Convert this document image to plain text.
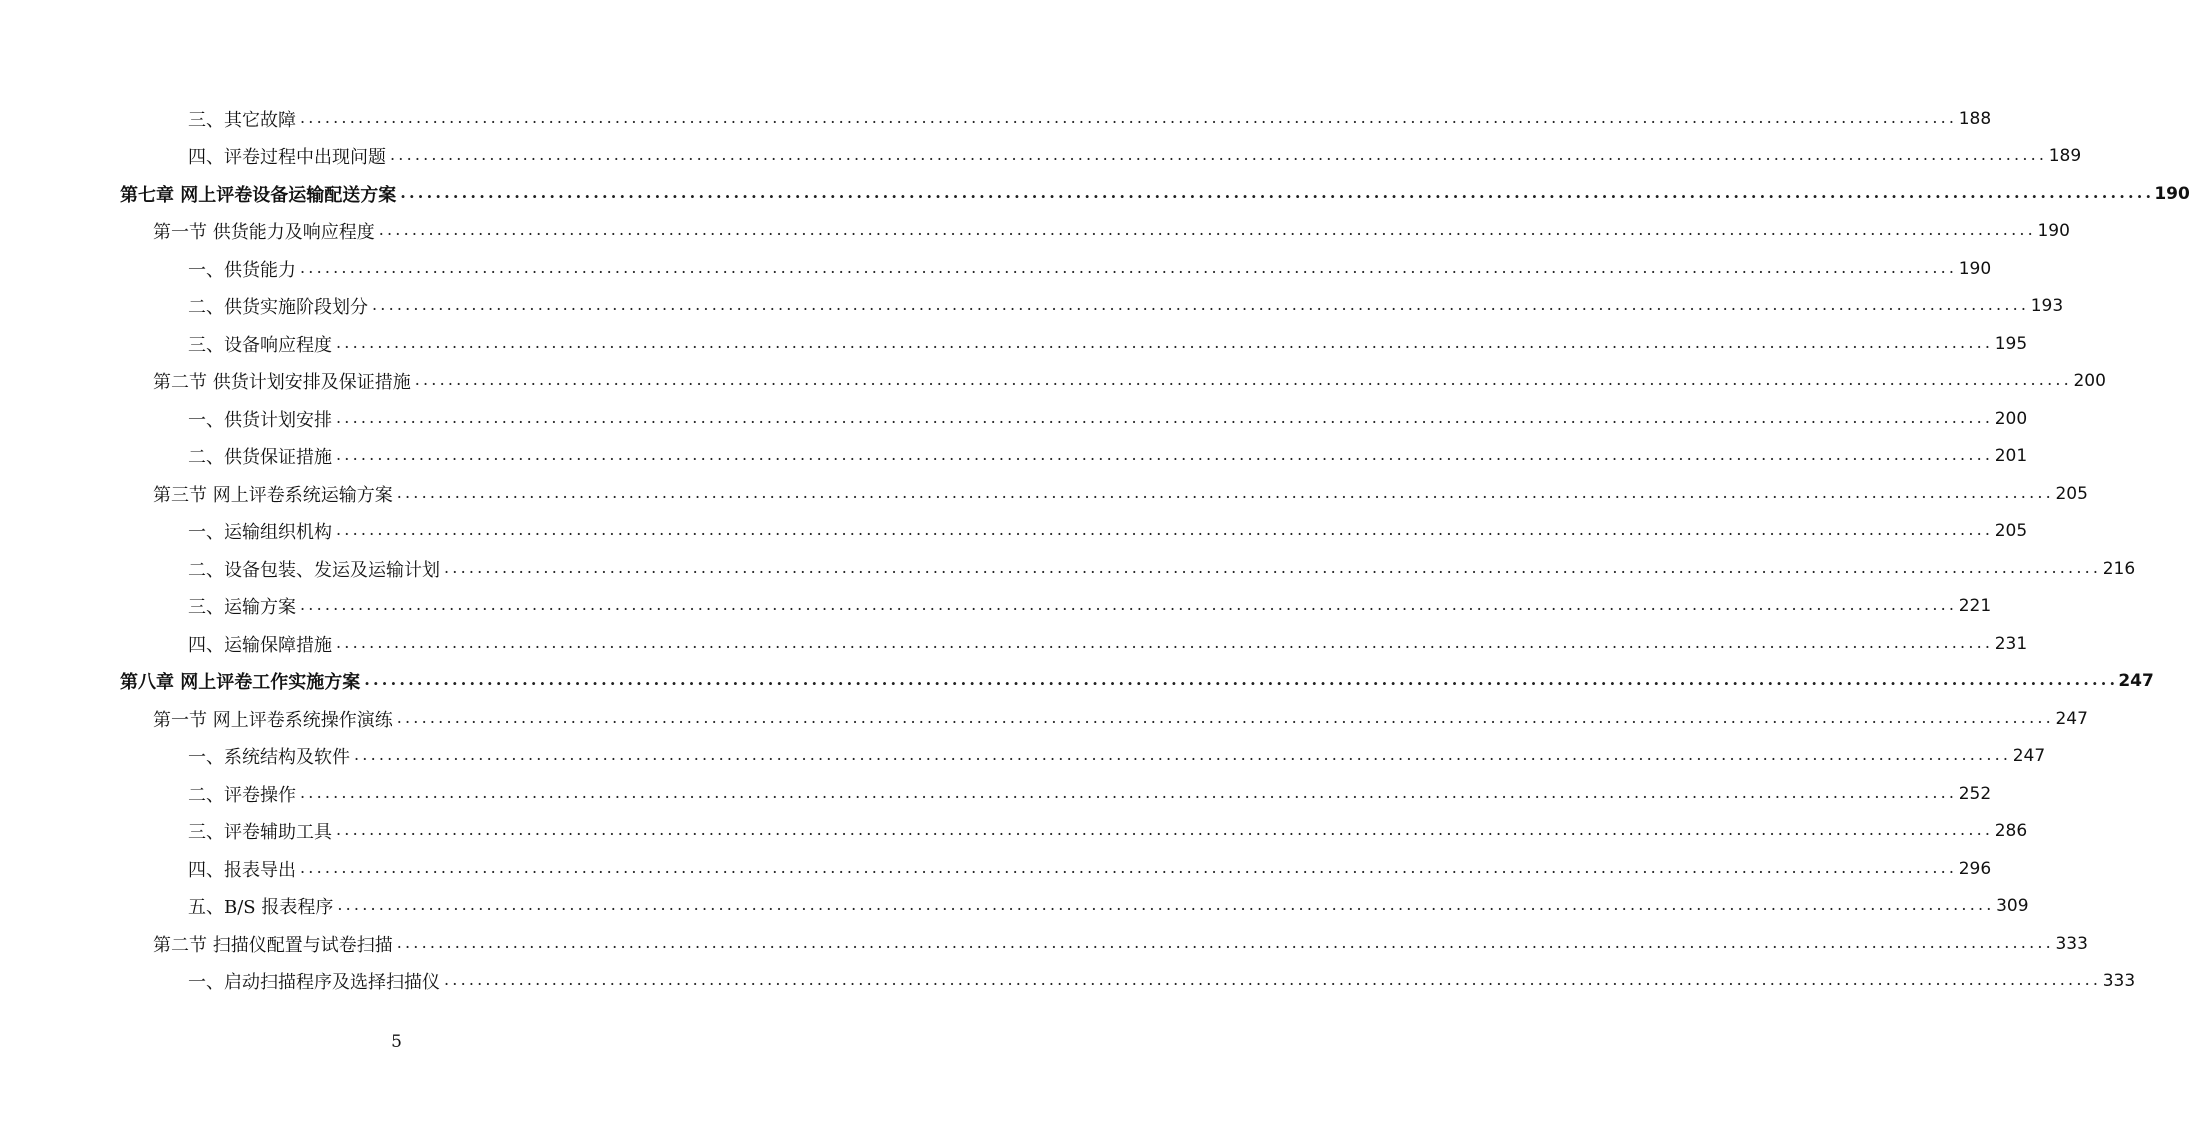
三、其它故障 ........................................................................................................................................................................................................ 188
四、评卷过程中出现问题 ........................................................................................................................................................................................................ 189
第七章 网上评卷设备运输配送方案 ........................................................................................................................................................................................................ 190
第一节 供货能力及响应程度 ........................................................................................................................................................................................................ 190
一、供货能力 ........................................................................................................................................................................................................ 190
二、供货实施阶段划分 ........................................................................................................................................................................................................ 193
三、设备响应程度 ........................................................................................................................................................................................................ 195
第二节 供货计划安排及保证措施 ........................................................................................................................................................................................................ 200
一、供货计划安排 ........................................................................................................................................................................................................ 200
二、供货保证措施 ........................................................................................................................................................................................................ 201
第三节 网上评卷系统运输方案 ........................................................................................................................................................................................................ 205
一、运输组织机构 ........................................................................................................................................................................................................ 205
二、设备包装、发运及运输计划 ........................................................................................................................................................................................................ 216
三、运输方案 ........................................................................................................................................................................................................ 221
四、运输保障措施 ........................................................................................................................................................................................................ 231
第八章 网上评卷工作实施方案 ........................................................................................................................................................................................................ 247
第一节 网上评卷系统操作演练 ........................................................................................................................................................................................................ 247
一、系统结构及软件 ........................................................................................................................................................................................................ 247
二、评卷操作 ........................................................................................................................................................................................................ 252
三、评卷辅助工具 ........................................................................................................................................................................................................ 286
四、报表导出 ........................................................................................................................................................................................................ 296
五、B/S 报表程序 ........................................................................................................................................................................................................ 309
第二节 扫描仪配置与试卷扫描 ........................................................................................................................................................................................................ 333
一、启动扫描程序及选择扫描仪 ........................................................................................................................................................................................................ 333
5
